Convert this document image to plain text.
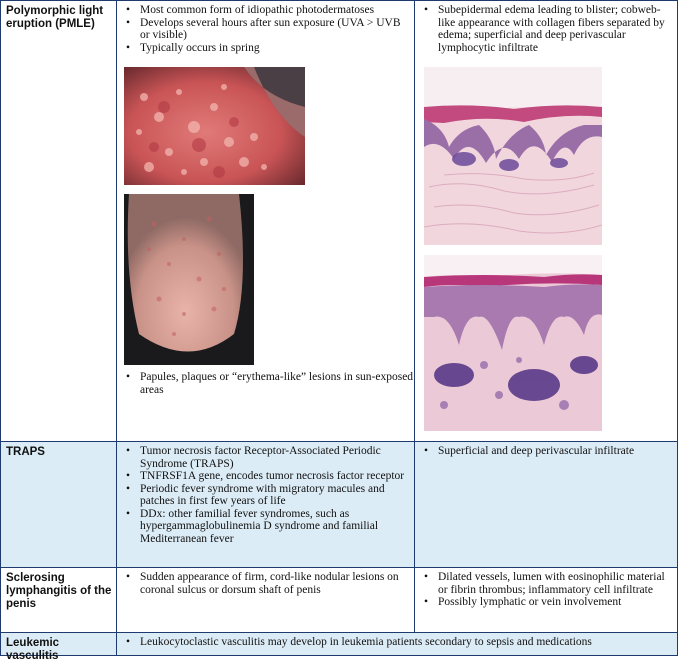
Polymorphic light eruption (PMLE)
• Most common form of idiopathic photodermatoses
• Develops several hours after sun exposure (UVA > UVB or visible)
• Typically occurs in spring
• Papules, plaques or “erythema-like” lesions in sun-exposed areas
• Subepidermal edema leading to blister; cobweb-like appearance with collagen fibers separated by edema; superficial and deep perivascular lymphocytic infiltrate
TRAPS
•	Tumor necrosis factor Receptor-Associated Periodic Syndrome (TRAPS)
• TNFRSF1A gene, encodes tumor necrosis factor receptor
• Periodic fever syndrome with migratory macules and patches in first few years of life
• DDx: other familial fever syndromes, such as hypergammaglobulinemia D syndrome and familial Mediterranean fever
• Superficial and deep perivascular infiltrate
Sclerosing lymphangitis of the penis
• Sudden appearance of firm, cord-like nodular lesions on coronal sulcus or dorsum shaft of penis
• Dilated vessels, lumen with eosinophilic material or fibrin thrombus; inflammatory cell infiltrate
• Possibly lymphatic or vein involvement
Leukemic vasculitis
• Leukocytoclastic vasculitis may develop in leukemia patients secondary to sepsis and medications
